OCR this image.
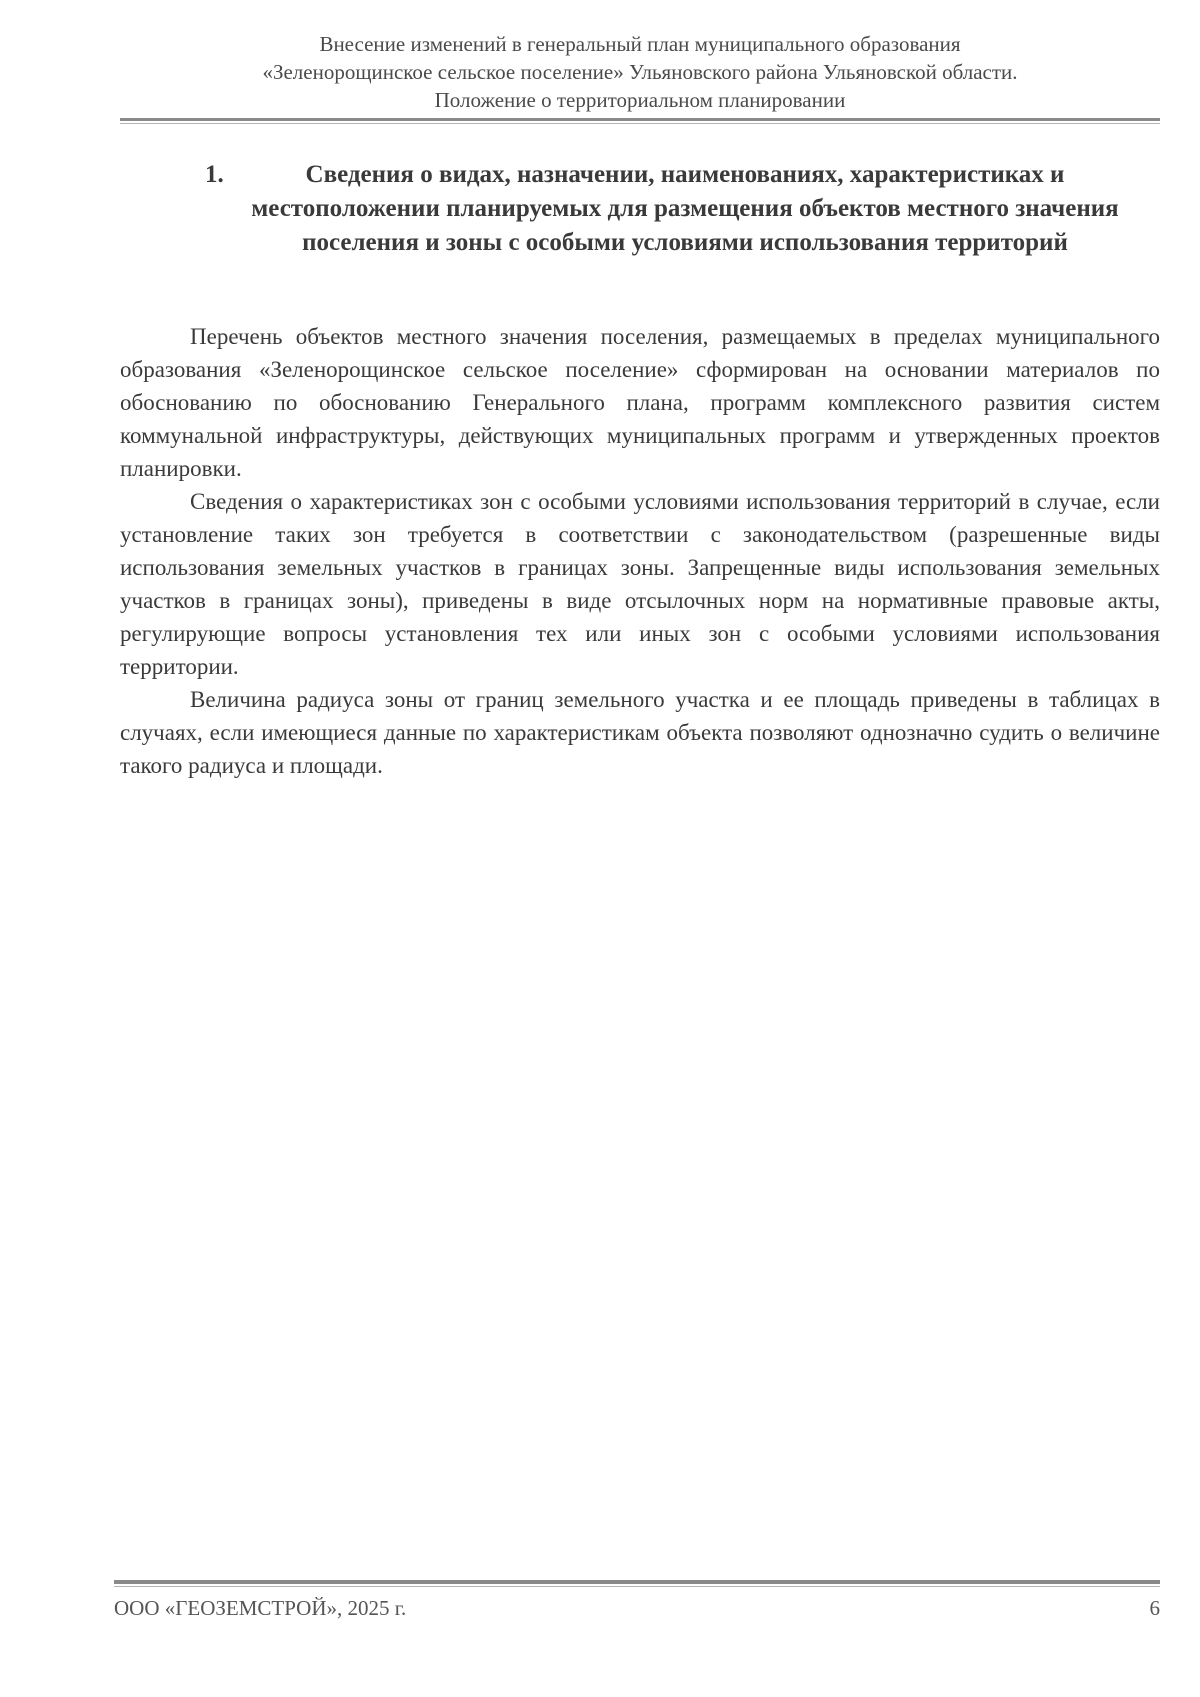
Внесение изменений в генеральный план муниципального образования
«Зеленорощинское сельское поселение» Ульяновского района Ульяновской области.
Положение о территориальном планировании
1.	Сведения о видах, назначении, наименованиях, характеристиках и местоположении планируемых для размещения объектов местного значения поселения и зоны с особыми условиями использования территорий

Перечень объектов местного значения поселения, размещаемых в пределах муниципального образования «Зеленорощинское сельское поселение» сформирован на основании материалов по обоснованию по обоснованию Генерального плана, программ комплексного развития систем коммунальной инфраструктуры, действующих муниципальных программ и утвержденных проектов планировки.

Сведения о характеристиках зон с особыми условиями использования территорий в случае, если установление таких зон требуется в соответствии с законодательством (разрешенные виды использования земельных участков в границах зоны. Запрещенные виды использования земельных участков в границах зоны), приведены в виде отсылочных норм на нормативные правовые акты, регулирующие вопросы установления тех или иных зон с особыми условиями использования территории.

Величина радиуса зоны от границ земельного участка и ее площадь приведены в таблицах в случаях, если имеющиеся данные по характеристикам объекта позволяют однозначно судить о величине такого радиуса и площади.

ООО «ГЕОЗЕМСТРОЙ», 2025 г.	6
